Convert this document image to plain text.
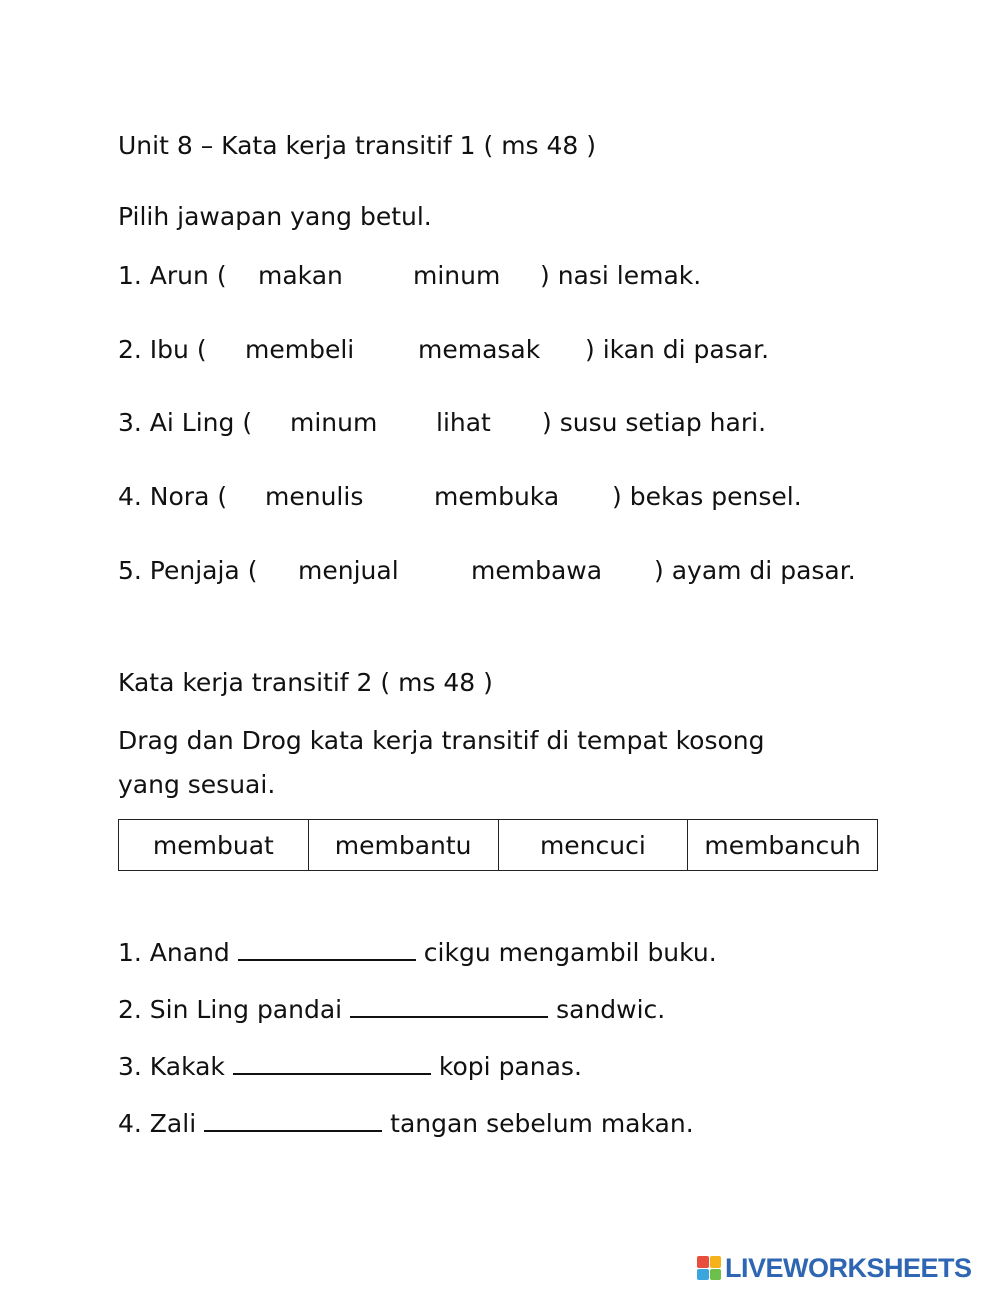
Unit 8 – Kata kerja transitif 1 ( ms 48 )
Pilih jawapan yang betul.
1. Arun ( makan	minum ) nasi lemak.
2. Ibu ( membeli	memasak ) ikan di pasar.
3. Ai Ling ( minum lihat ) susu setiap hari.
4. Nora ( menulis	membuka ) bekas pensel.
5. Penjaja ( menjual	membawa ) ayam di pasar.
Kata kerja transitif 2 ( ms 48 )
Drag dan Drog kata kerja transitif di tempat kosong
yang sesuai.
membuat	membantu	mencuci	membancuh
1. Anand	cikgu mengambil buku.
2. Sin Ling pandai	sandwic.
3. Kakak	kopi panas.
4. Zali	tangan sebelum makan.
LIVEWORKSHEETS
